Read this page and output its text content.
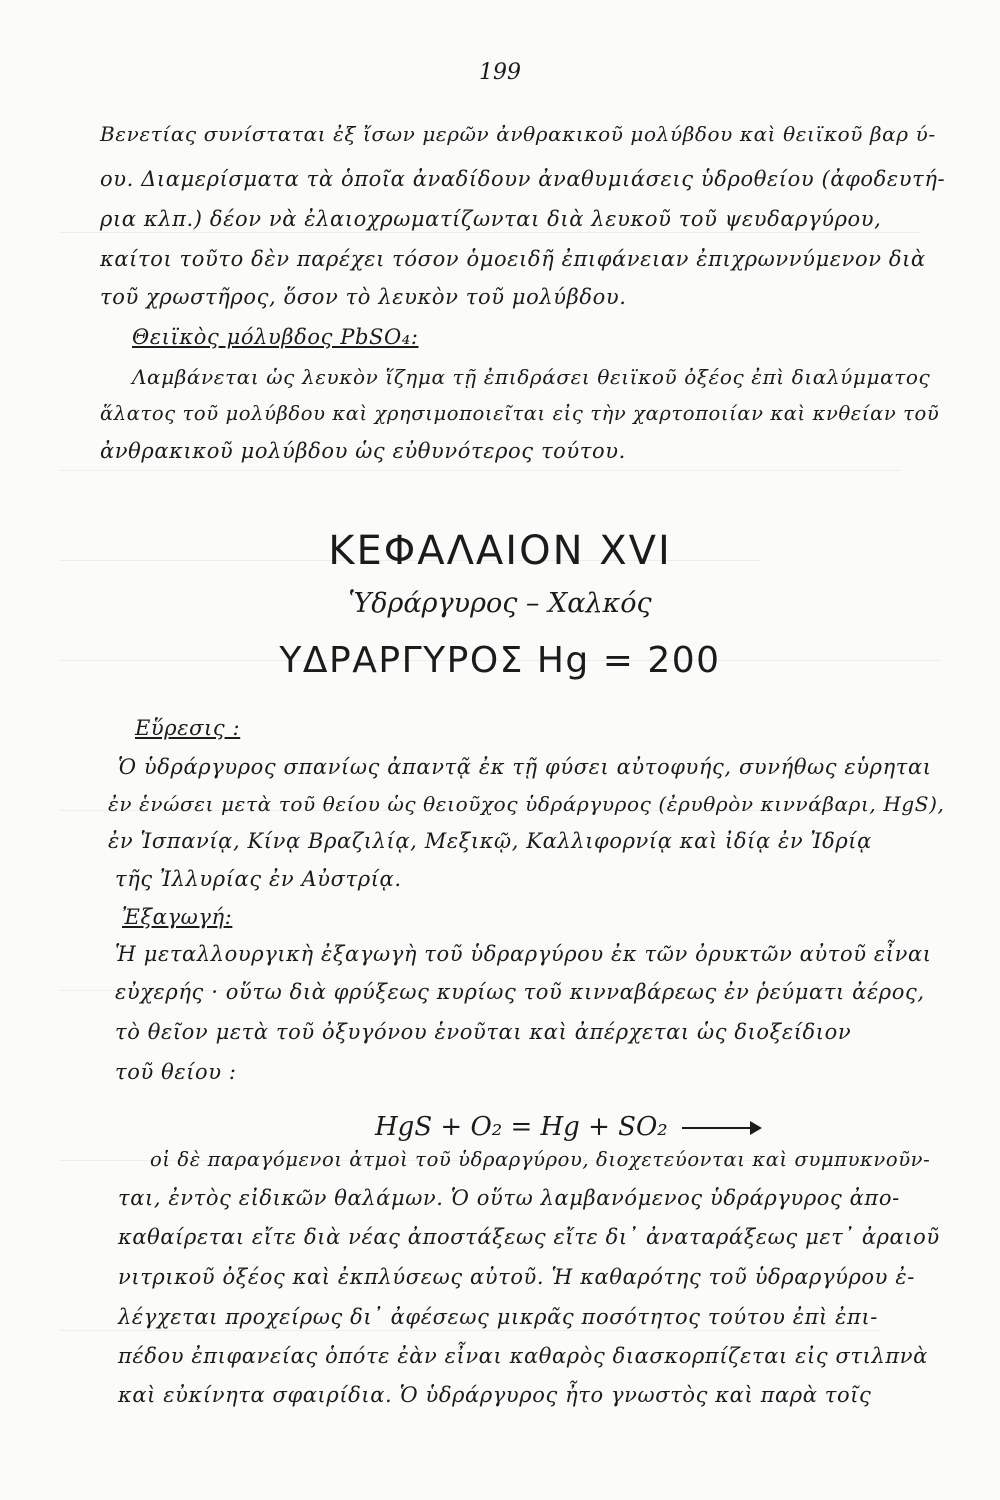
199
Βενετίας συνίσταται ἐξ ἴσων μερῶν ἀνθρακικοῦ μολύβδου καὶ θειϊκοῦ βαρ ύ-
ου. Διαμερίσματα τὰ ὁποῖα ἀναδίδουν ἀναθυμιάσεις ὑδροθείου (ἀφοδευτή-
ρια κλπ.) δέον νὰ ἐλαιοχρωματίζωνται διὰ λευκοῦ τοῦ ψευδαργύρου,
καίτοι τοῦτο δὲν παρέχει τόσον ὁμοειδῆ ἐπιφάνειαν ἐπιχρωννύμενον διὰ
τοῦ χρωστῆρος, ὅσον τὸ λευκὸν τοῦ μολύβδου.
Θειϊκὸς μόλυβδος PbSO₄:
Λαμβάνεται ὡς λευκὸν ἵζημα τῇ ἐπιδράσει θειϊκοῦ ὀξέος ἐπὶ διαλύμματος
ἅλατος τοῦ μολύβδου καὶ χρησιμοποιεῖται εἰς τὴν χαρτοποιίαν καὶ κνθείαν τοῦ
ἀνθρακικοῦ μολύβδου ὡς εὐθυνότερος τούτου.
ΚΕΦΑΛΑΙΟΝ XVI
Ὑδράργυρος – Χαλκός
ΥΔΡΑΡΓΥΡΟΣ Hg = 200
Εὕρεσις :
Ὁ ὑδράργυρος σπανίως ἀπαντᾷ ἐκ τῇ φύσει αὐτοφυής, συνήθως εὑρηται
ἐν ἑνώσει μετὰ τοῦ θείου ὡς θειοῦχος ὑδράργυρος (ἐρυθρὸν κιννάβαρι, HgS),
ἐν Ἱσπανίᾳ, Κίνᾳ Βραζιλίᾳ, Μεξικῷ, Καλλιφορνίᾳ καὶ ἰδίᾳ ἐν Ἰδρίᾳ
τῆς Ἰλλυρίας ἐν Αὐστρίᾳ.
Ἐξαγωγή:
Ἡ μεταλλουργικὴ ἐξαγωγὴ τοῦ ὑδραργύρου ἐκ τῶν ὀρυκτῶν αὐτοῦ εἶναι
εὐχερής · οὕτω διὰ φρύξεως κυρίως τοῦ κινναβάρεως ἐν ῥεύματι ἀέρος,
τὸ θεῖον μετὰ τοῦ ὀξυγόνου ἑνοῦται καὶ ἀπέρχεται ὡς διοξείδιον
τοῦ θείου :
HgS + O₂ = Hg + SO₂ →
οἱ δὲ παραγόμενοι ἀτμοὶ τοῦ ὑδραργύρου, διοχετεύονται καὶ συμπυκνοῦν-
ται, ἐντὸς εἰδικῶν θαλάμων. Ὁ οὕτω λαμβανόμενος ὑδράργυρος ἀπο-
καθαίρεται εἴτε διὰ νέας ἀποστάξεως εἴτε δι᾽ ἀναταράξεως μετ᾽ ἀραιοῦ
νιτρικοῦ ὀξέος καὶ ἐκπλύσεως αὐτοῦ. Ἡ καθαρότης τοῦ ὑδραργύρου ἐ-
λέγχεται προχείρως δι᾽ ἀφέσεως μικρᾶς ποσότητος τούτου ἐπὶ ἐπι-
πέδου ἐπιφανείας ὁπότε ἐὰν εἶναι καθαρὸς διασκορπίζεται εἰς στιλπνὰ
καὶ εὐκίνητα σφαιρίδια. Ὁ ὑδράργυρος ἦτο γνωστὸς καὶ παρὰ τοῖς
